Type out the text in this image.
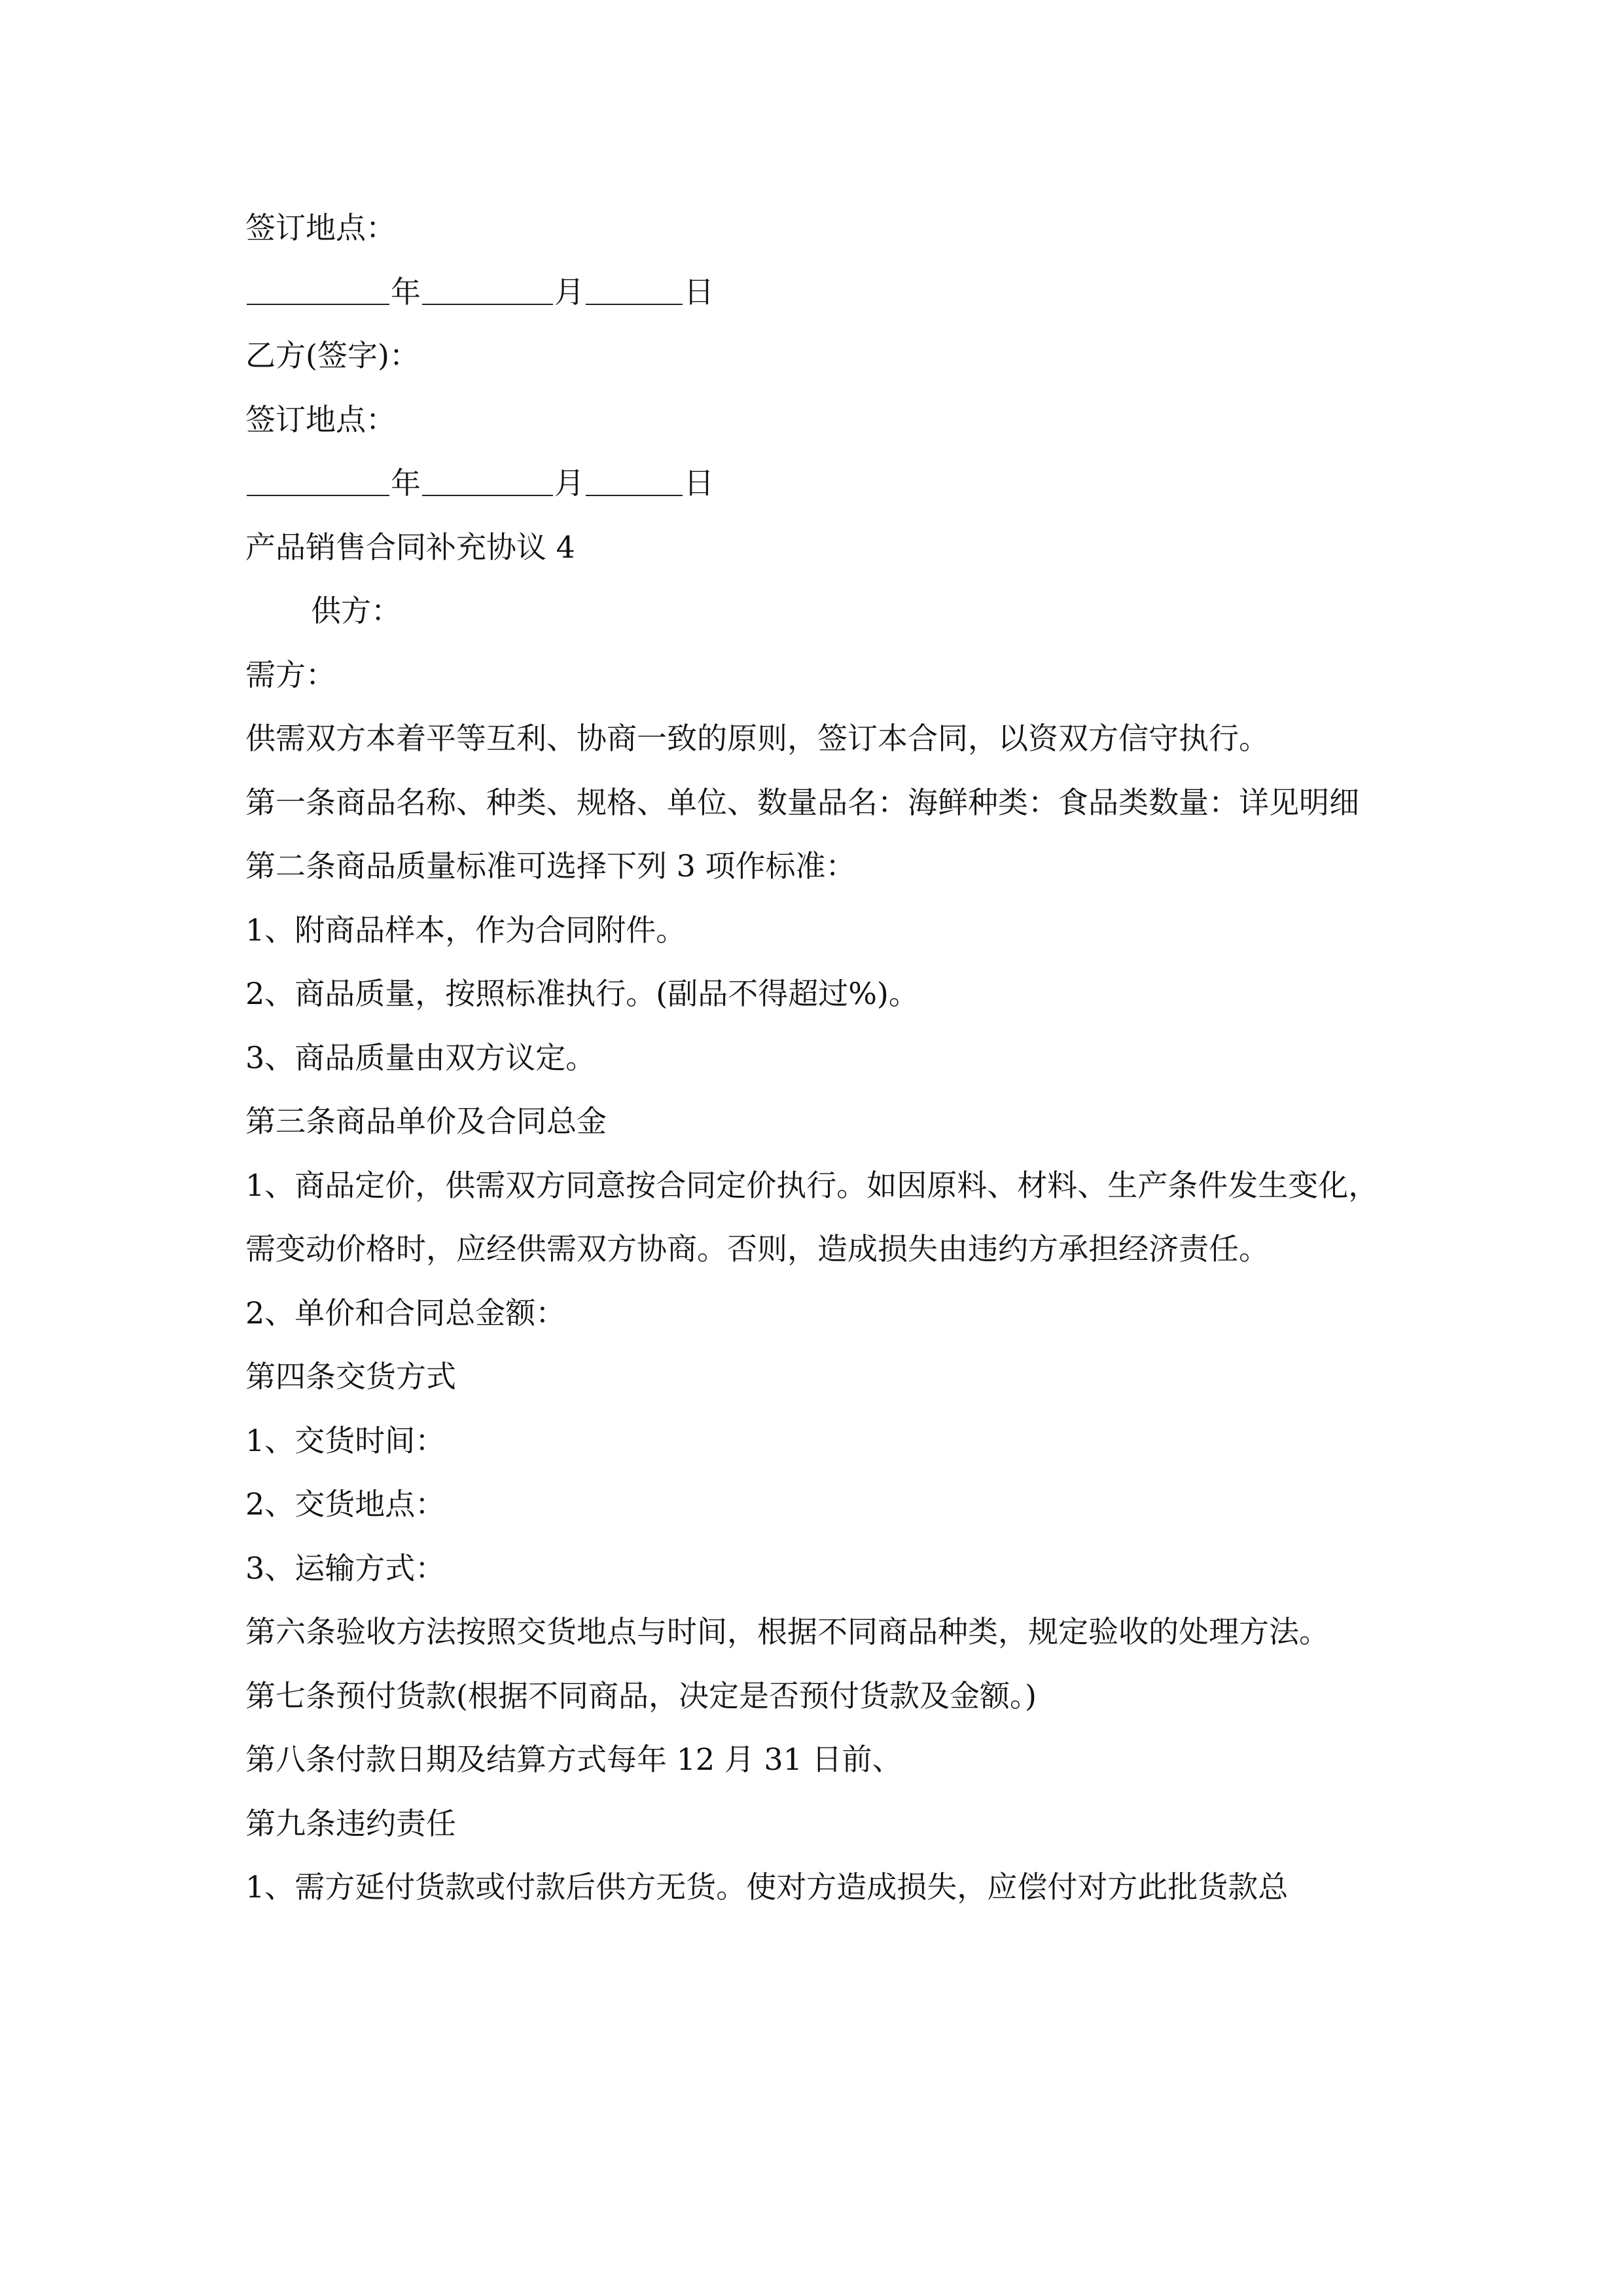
签订地点：
年	月	日
乙方(签字)：
签订地点：
年	月	日
产品销售合同补充协议 4
供方：
需方：
供需双方本着平等互利、协商一致的原则，签订本合同，以资双方信守执行。
第一条商品名称、种类、规格、单位、数量品名：海鲜种类：食品类数量：详见明细
第二条商品质量标准可选择下列 3 项作标准：
1、附商品样本，作为合同附件。
2、商品质量，按照标准执行。(副品不得超过%)。
3、商品质量由双方议定。
第三条商品单价及合同总金
1、商品定价，供需双方同意按合同定价执行。如因原料、材料、生产条件发生变化，需变动价格时，应经供需双方协商。否则，造成损失由违约方承担经济责任。
2、单价和合同总金额：
第四条交货方式
1、交货时间：
2、交货地点：
3、运输方式：
第六条验收方法按照交货地点与时间，根据不同商品种类，规定验收的处理方法。
第七条预付货款(根据不同商品，决定是否预付货款及金额。)
第八条付款日期及结算方式每年 12 月 31 日前、
第九条违约责任
1、需方延付货款或付款后供方无货。使对方造成损失，应偿付对方此批货款总
